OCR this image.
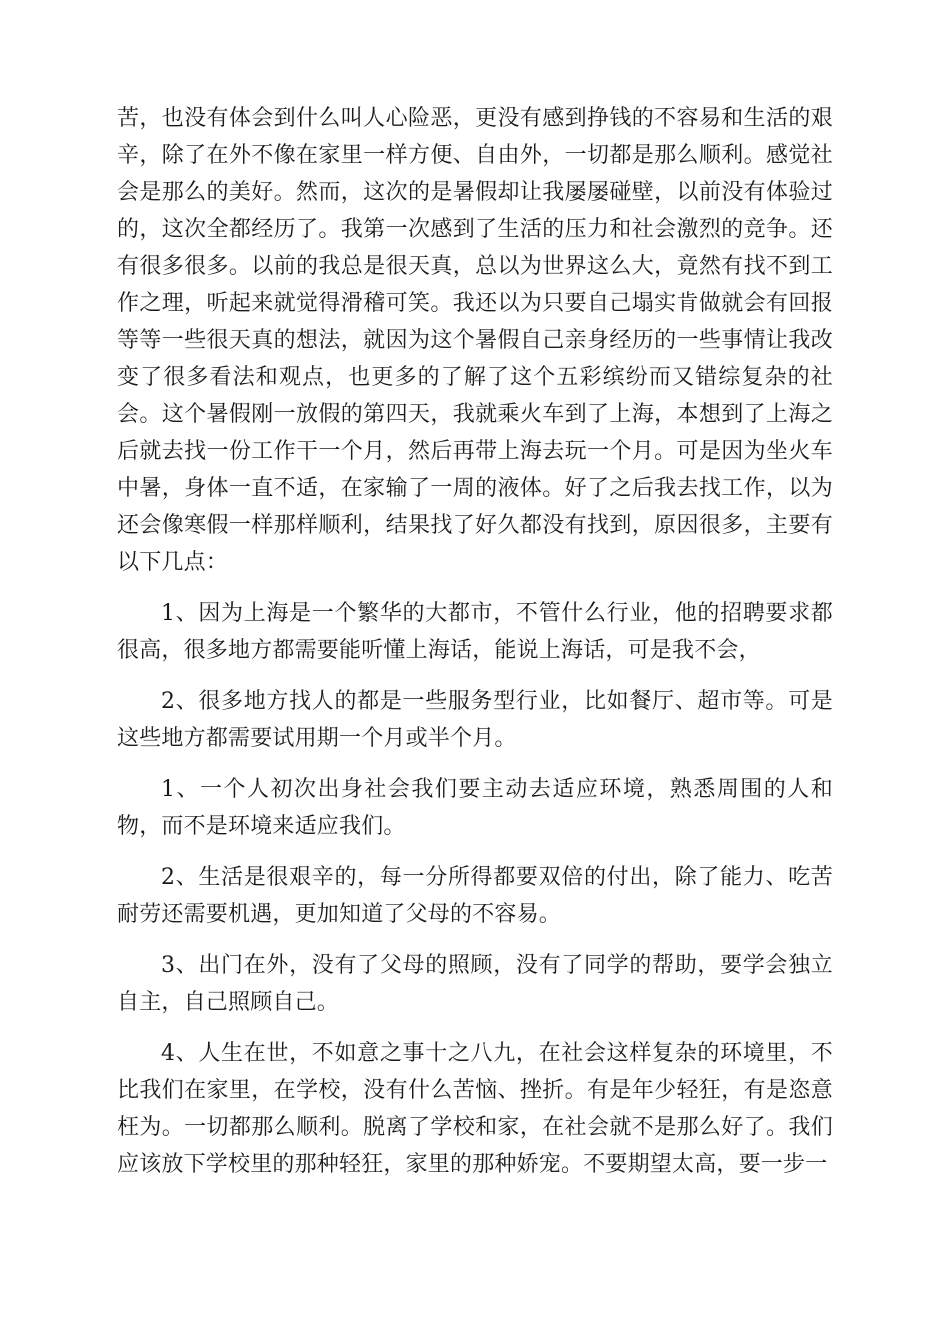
苦，也没有体会到什么叫人心险恶，更没有感到挣钱的不容易和生活的艰辛，除了在外不像在家里一样方便、自由外，一切都是那么顺利。感觉社会是那么的美好。然而，这次的是暑假却让我屡屡碰壁，以前没有体验过的，这次全都经历了。我第一次感到了生活的压力和社会激烈的竞争。还有很多很多。以前的我总是很天真，总以为世界这么大，竟然有找不到工作之理，听起来就觉得滑稽可笑。我还以为只要自己塌实肯做就会有回报等等一些很天真的想法，就因为这个暑假自己亲身经历的一些事情让我改变了很多看法和观点，也更多的了解了这个五彩缤纷而又错综复杂的社会。这个暑假刚一放假的第四天，我就乘火车到了上海，本想到了上海之后就去找一份工作干一个月，然后再带上海去玩一个月。可是因为坐火车中暑，身体一直不适，在家输了一周的液体。好了之后我去找工作，以为还会像寒假一样那样顺利，结果找了好久都没有找到，原因很多，主要有以下几点：

1、因为上海是一个繁华的大都市，不管什么行业，他的招聘要求都很高，很多地方都需要能听懂上海话，能说上海话，可是我不会，

2、很多地方找人的都是一些服务型行业，比如餐厅、超市等。可是这些地方都需要试用期一个月或半个月。

1、一个人初次出身社会我们要主动去适应环境，熟悉周围的人和物，而不是环境来适应我们。

2、生活是很艰辛的，每一分所得都要双倍的付出，除了能力、吃苦耐劳还需要机遇，更加知道了父母的不容易。

3、出门在外，没有了父母的照顾，没有了同学的帮助，要学会独立自主，自己照顾自己。

4、人生在世，不如意之事十之八九，在社会这样复杂的环境里，不比我们在家里，在学校，没有什么苦恼、挫折。有是年少轻狂，有是恣意枉为。一切都那么顺利。脱离了学校和家，在社会就不是那么好了。我们应该放下学校里的那种轻狂，家里的那种娇宠。不要期望太高，要一步一
